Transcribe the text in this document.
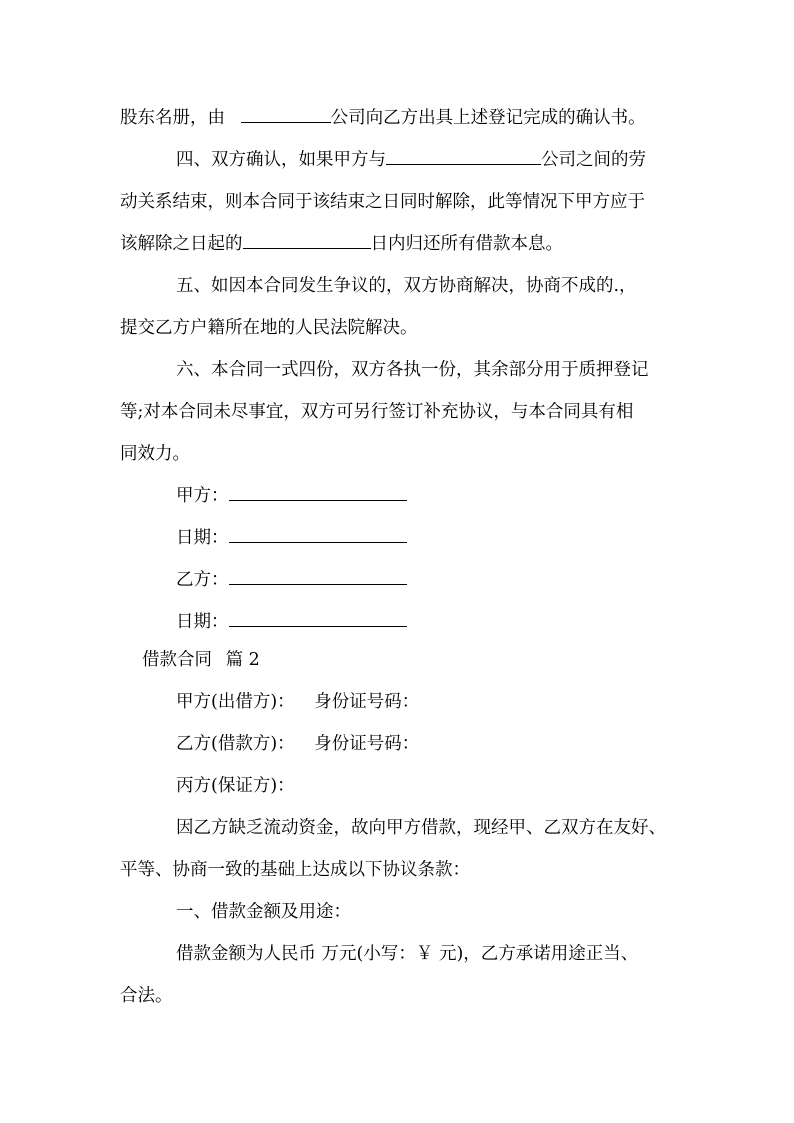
股东名册，由	公司向乙方出具上述登记完成的确认书。
四、双方确认，如果甲方与	公司之间的劳
动关系结束，则本合同于该结束之日同时解除，此等情况下甲方应于
该解除之日起的	日内归还所有借款本息。
五、如因本合同发生争议的，双方协商解决，协商不成的.，
提交乙方户籍所在地的人民法院解决。
六、本合同一式四份，双方各执一份，其余部分用于质押登记
等;对本合同未尽事宜，双方可另行签订补充协议，与本合同具有相
同效力。
甲方：
日期：
乙方：
日期：
借款合同 篇 2
甲方(出借方)： 身份证号码：
乙方(借款方)： 身份证号码：
丙方(保证方)：
因乙方缺乏流动资金，故向甲方借款，现经甲、乙双方在友好、
平等、协商一致的基础上达成以下协议条款：
一、借款金额及用途：
借款金额为人民币 万元(小写：￥ 元)，乙方承诺用途正当、
合法。
